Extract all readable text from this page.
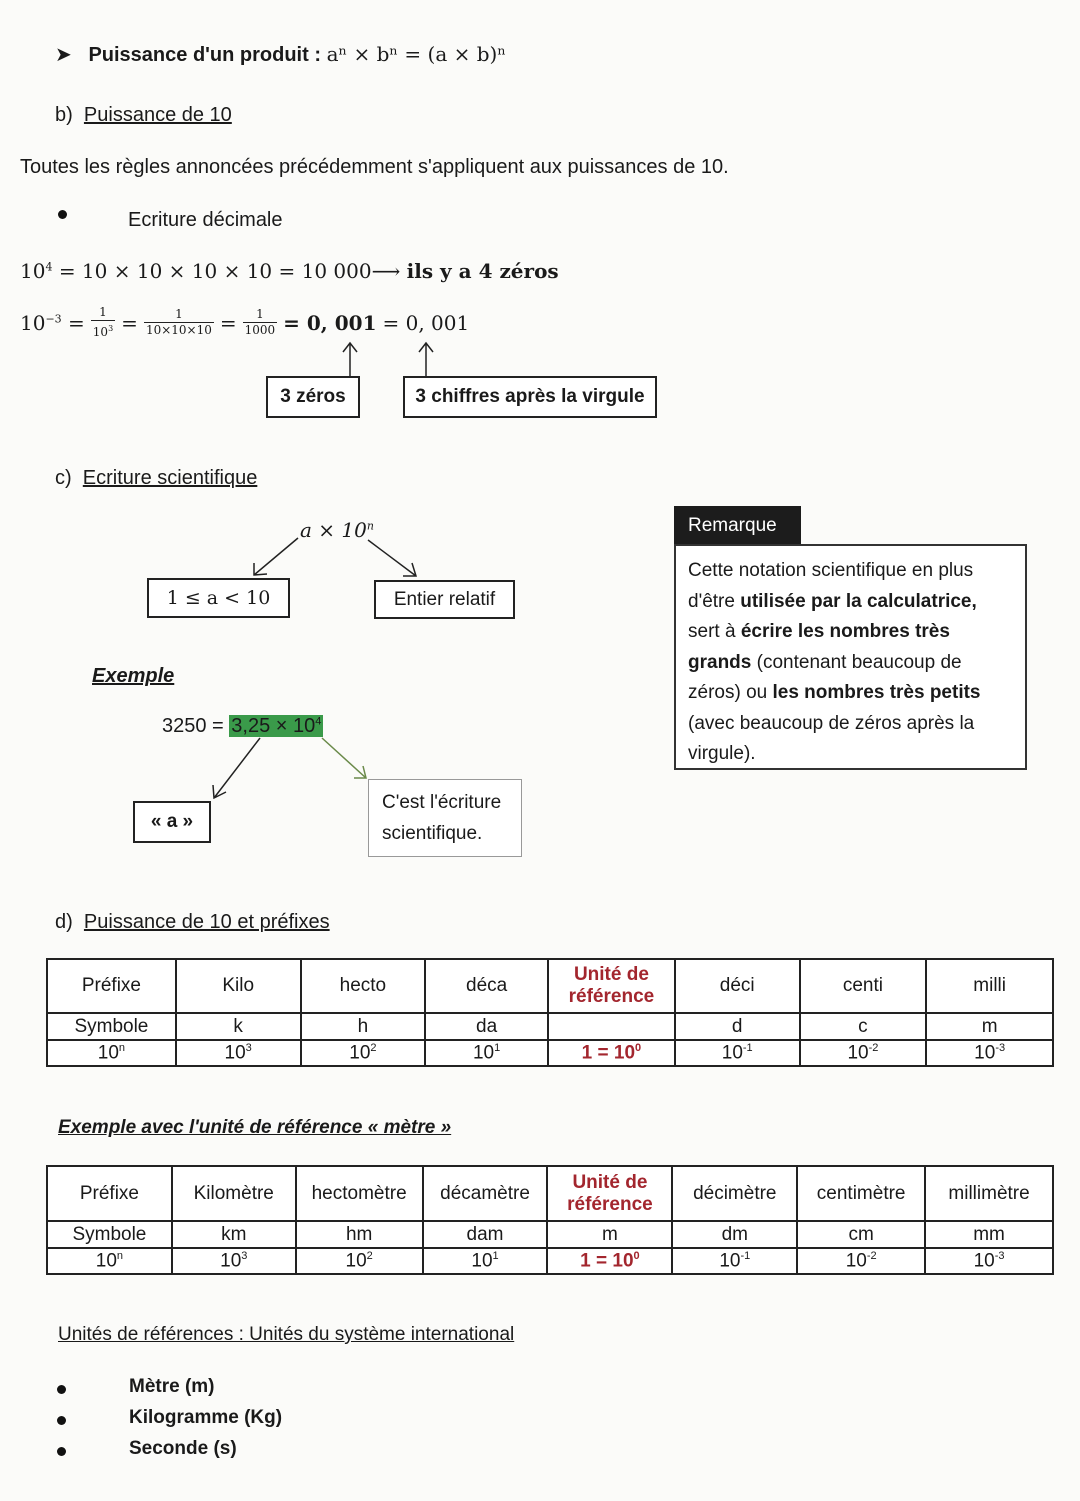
➤ Puissance d'un produit : aⁿ × bⁿ = (a × b)ⁿ
b) Puissance de 10
Toutes les règles annoncées précédemment s'appliquent aux puissances de 10.
Ecriture décimale
$10^4 = 10 \times 10 \times 10 \times 10 = 10$ 000⟶ ils y a 4 zéros
$10^{-3} = \frac{1}{10^3} = \frac{1}{10\times 10\times 10} = \frac{1}{1000} = 0$, 001 = 0, 001
3 zéros	3 chiffres après la virgule
c) Ecriture scientifique
$a \times 10^n$
1 ≤ a < 10	Entier relatif
Exemple
$3250 = 3,25 \times 10^4$
« a »
C'est l'écriture scientifique.
Remarque
Cette notation scientifique en plus d'être utilisée par la calculatrice, sert à écrire les nombres très grands (contenant beaucoup de zéros) ou les nombres très petits (avec beaucoup de zéros après la virgule).
d) Puissance de 10 et préfixes
Préfixe	Kilo	hecto	déca	Unité de référence	déci	centi	milli
Symbole	k	h	da		d	c	m
10$^n$	$10^3$	$10^2$	$10^1$	$1 = 10^0$	$10^{-1}$	$10^{-2}$	$10^{-3}$
Exemple avec l'unité de référence « mètre »
Préfixe	Kilomètre	hectomètre	décamètre	Unité de référence	décimètre	centimètre	millimètre
Symbole	km	hm	dam	m	dm	cm	mm
10$^n$	$10^3$	$10^2$	$10^1$	$1 = 10^0$	$10^{-1}$	$10^{-2}$	$10^{-3}$
Unités de références : Unités du système international
Mètre (m)
Kilogramme (Kg)
Seconde (s)
